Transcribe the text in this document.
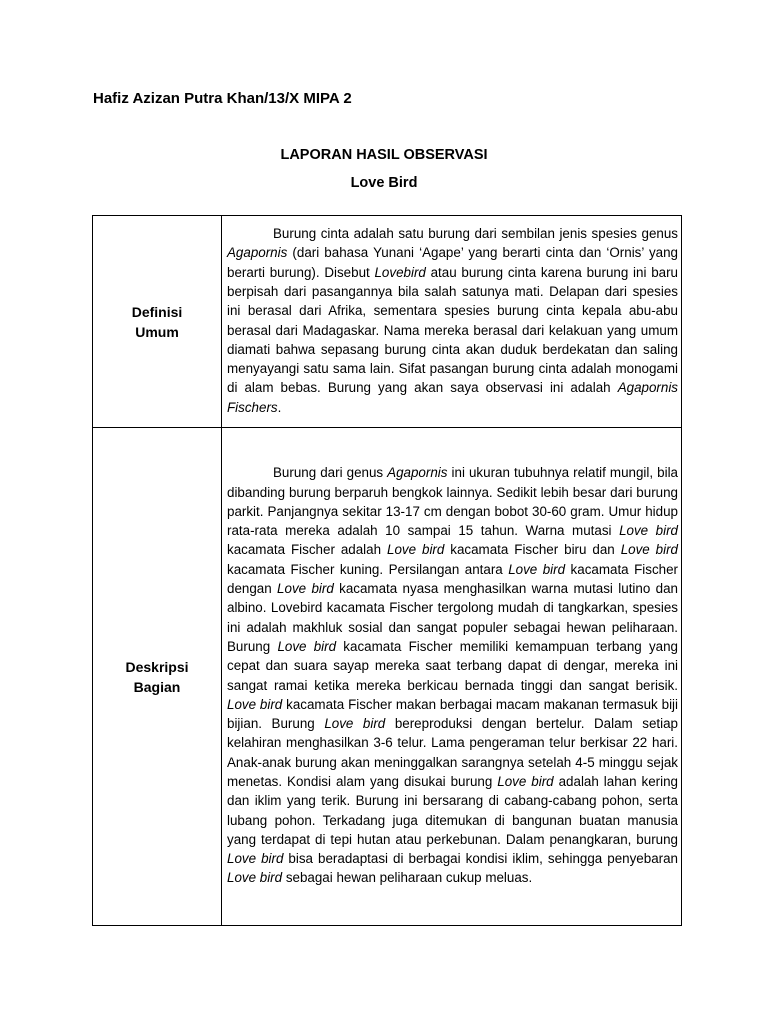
Hafiz Azizan Putra Khan/13/X MIPA 2
LAPORAN HASIL OBSERVASI
Love Bird
Definisi
Umum	Burung cinta adalah satu burung dari sembilan jenis spesies genus Agapornis (dari bahasa Yunani ‘Agape’ yang berarti cinta dan ‘Ornis’ yang berarti burung). Disebut Lovebird atau burung cinta karena burung ini baru berpisah dari pasangannya bila salah satunya mati. Delapan dari spesies ini berasal dari Afrika, sementara spesies burung cinta kepala abu-abu berasal dari Madagaskar. Nama mereka berasal dari kelakuan yang umum diamati bahwa sepasang burung cinta akan duduk berdekatan dan saling menyayangi satu sama lain. Sifat pasangan burung cinta adalah monogami di alam bebas. Burung yang akan saya observasi ini adalah Agapornis Fischers.

Deskripsi
Bagian	Burung dari genus Agapornis ini ukuran tubuhnya relatif mungil, bila dibanding burung berparuh bengkok lainnya. Sedikit lebih besar dari burung parkit. Panjangnya sekitar 13-17 cm dengan bobot 30-60 gram. Umur hidup rata-rata mereka adalah 10 sampai 15 tahun. Warna mutasi Love bird kacamata Fischer adalah Love bird kacamata Fischer biru dan Love bird kacamata Fischer kuning. Persilangan antara Love bird kacamata Fischer dengan Love bird kacamata nyasa menghasilkan warna mutasi lutino dan albino. Lovebird kacamata Fischer tergolong mudah di tangkarkan, spesies ini adalah makhluk sosial dan sangat populer sebagai hewan peliharaan. Burung Love bird kacamata Fischer memiliki kemampuan terbang yang cepat dan suara sayap mereka saat terbang dapat di dengar, mereka ini sangat ramai ketika mereka berkicau bernada tinggi dan sangat berisik. Love bird kacamata Fischer makan berbagai macam makanan termasuk biji bijian. Burung Love bird bereproduksi dengan bertelur. Dalam setiap kelahiran menghasilkan 3-6 telur. Lama pengeraman telur berkisar 22 hari. Anak-anak burung akan meninggalkan sarangnya setelah 4-5 minggu sejak menetas. Kondisi alam yang disukai burung Love bird adalah lahan kering dan iklim yang terik. Burung ini bersarang di cabang-cabang pohon, serta lubang pohon. Terkadang juga ditemukan di bangunan buatan manusia yang terdapat di tepi hutan atau perkebunan. Dalam penangkaran, burung Love bird bisa beradaptasi di berbagai kondisi iklim, sehingga penyebaran Love bird sebagai hewan peliharaan cukup meluas.
